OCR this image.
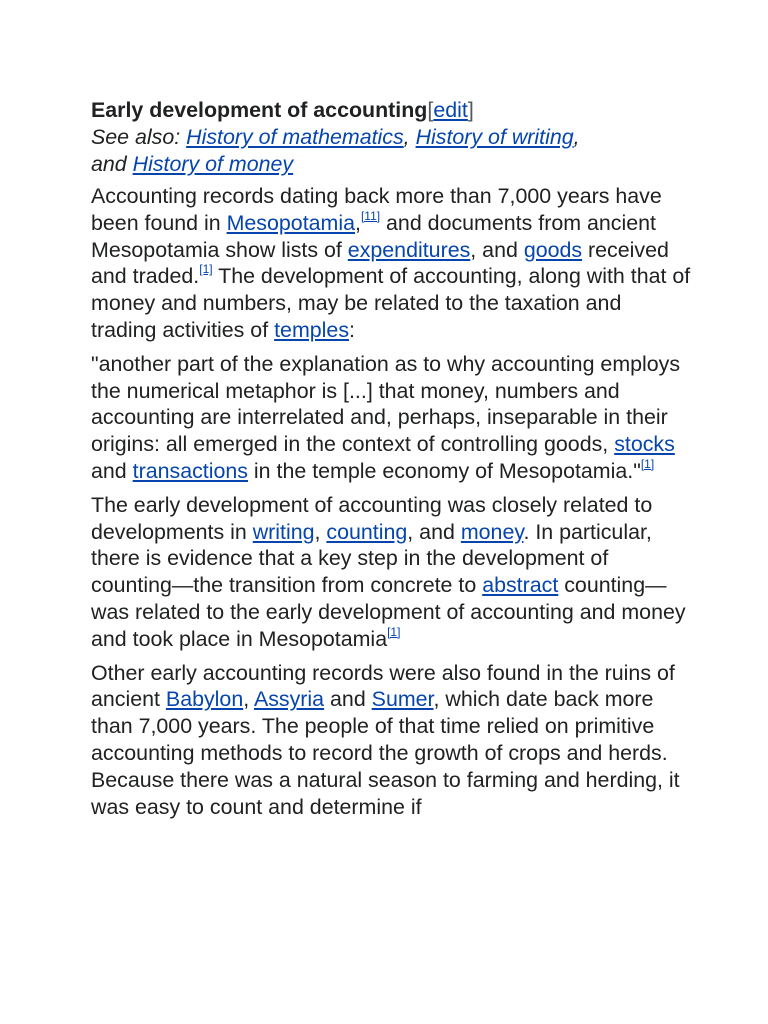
Early development of accounting[edit]
See also: History of mathematics, History of writing,
and History of money

Accounting records dating back more than 7,000 years have been found in Mesopotamia,[11] and documents from ancient Mesopotamia show lists of expenditures, and goods received and traded.[1] The development of accounting, along with that of money and numbers, may be related to the taxation and trading activities of temples:

"another part of the explanation as to why accounting employs the numerical metaphor is [...] that money, numbers and accounting are interrelated and, perhaps, inseparable in their origins: all emerged in the context of controlling goods, stocks and transactions in the temple economy of Mesopotamia."[1]

The early development of accounting was closely related to developments in writing, counting, and money. In particular, there is evidence that a key step in the development of counting—the transition from concrete to abstract counting—was related to the early development of accounting and money and took place in Mesopotamia[1]

Other early accounting records were also found in the ruins of ancient Babylon, Assyria and Sumer, which date back more than 7,000 years. The people of that time relied on primitive accounting methods to record the growth of crops and herds. Because there was a natural season to farming and herding, it was easy to count and determine if
